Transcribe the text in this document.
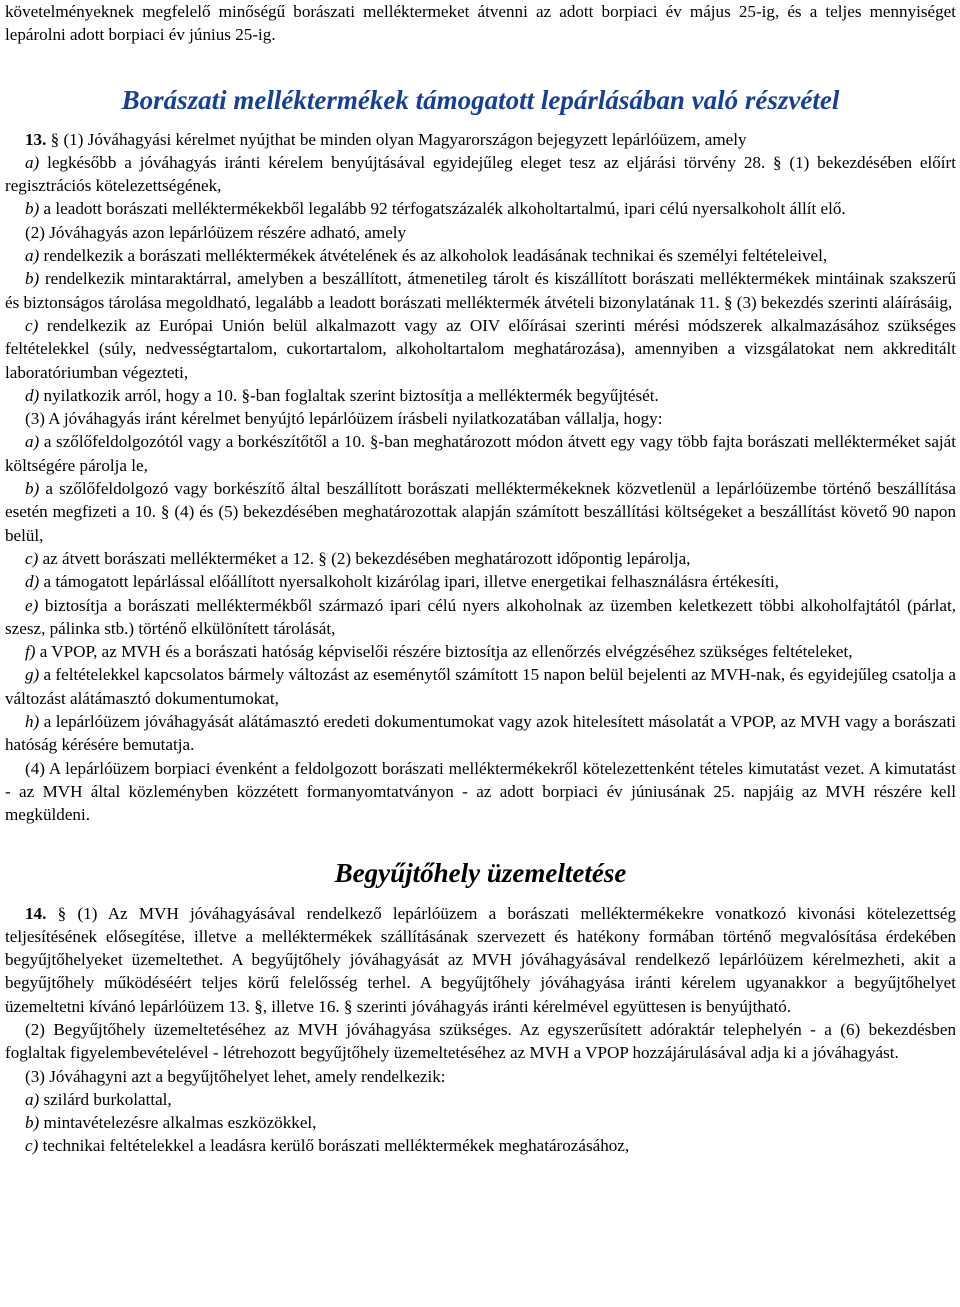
követelményeknek megfelelő minőségű borászati melléktermeket átvenni az adott borpiaci év május 25-ig, és a teljes mennyiséget lepárolni adott borpiaci év június 25-ig.

Borászati melléktermékek támogatott lepárlásában való részvétel

13. § (1) Jóváhagyási kérelmet nyújthat be minden olyan Magyarországon bejegyzett lepárlóüzem, amely

a) legkésőbb a jóváhagyás iránti kérelem benyújtásával egyidejűleg eleget tesz az eljárási törvény 28. § (1) bekezdésében előírt regisztrációs kötelezettségének,

b) a leadott borászati melléktermékekből legalább 92 térfogatszázalék alkoholtartalmú, ipari célú nyersalkoholt állít elő.

(2) Jóváhagyás azon lepárlóüzem részére adható, amely

a) rendelkezik a borászati melléktermékek átvételének és az alkoholok leadásának technikai és személyi feltételeivel,

b) rendelkezik mintaraktárral, amelyben a beszállított, átmenetileg tárolt és kiszállított borászati melléktermékek mintáinak szakszerű és biztonságos tárolása megoldható, legalább a leadott borászati melléktermék átvételi bizonylatának 11. § (3) bekezdés szerinti aláírásáig,

c) rendelkezik az Európai Unión belül alkalmazott vagy az OIV előírásai szerinti mérési módszerek alkalmazásához szükséges feltételekkel (súly, nedvességtartalom, cukortartalom, alkoholtartalom meghatározása), amennyiben a vizsgálatokat nem akkreditált laboratóriumban végezteti,

d) nyilatkozik arról, hogy a 10. §-ban foglaltak szerint biztosítja a melléktermék begyűjtését.

(3) A jóváhagyás iránt kérelmet benyújtó lepárlóüzem írásbeli nyilatkozatában vállalja, hogy:

a) a szőlőfeldolgozótól vagy a borkészítőtől a 10. §-ban meghatározott módon átvett egy vagy több fajta borászati mellékterméket saját költségére párolja le,

b) a szőlőfeldolgozó vagy borkészítő által beszállított borászati melléktermékeknek közvetlenül a lepárlóüzembe történő beszállítása esetén megfizeti a 10. § (4) és (5) bekezdésében meghatározottak alapján számított beszállítási költségeket a beszállítást követő 90 napon belül,

c) az átvett borászati mellékterméket a 12. § (2) bekezdésében meghatározott időpontig lepárolja,

d) a támogatott lepárlással előállított nyersalkoholt kizárólag ipari, illetve energetikai felhasználásra értékesíti,

e) biztosítja a borászati melléktermékből származó ipari célú nyers alkoholnak az üzemben keletkezett többi alkoholfajtától (párlat, szesz, pálinka stb.) történő elkülönített tárolását,

f) a VPOP, az MVH és a borászati hatóság képviselői részére biztosítja az ellenőrzés elvégzéséhez szükséges feltételeket,

g) a feltételekkel kapcsolatos bármely változást az eseménytől számított 15 napon belül bejelenti az MVH-nak, és egyidejűleg csatolja a változást alátámasztó dokumentumokat,

h) a lepárlóüzem jóváhagyását alátámasztó eredeti dokumentumokat vagy azok hitelesített másolatát a VPOP, az MVH vagy a borászati hatóság kérésére bemutatja.

(4) A lepárlóüzem borpiaci évenként a feldolgozott borászati melléktermékekről kötelezettenként tételes kimutatást vezet. A kimutatást - az MVH által közleményben közzétett formanyomtatványon - az adott borpiaci év júniusának 25. napjáig az MVH részére kell megküldeni.

Begyűjtőhely üzemeltetése

14. § (1) Az MVH jóváhagyásával rendelkező lepárlóüzem a borászati melléktermékekre vonatkozó kivonási kötelezettség teljesítésének elősegítése, illetve a melléktermékek szállításának szervezett és hatékony formában történő megvalósítása érdekében begyűjtőhelyeket üzemeltethet. A begyűjtőhely jóváhagyását az MVH jóváhagyásával rendelkező lepárlóüzem kérelmezheti, akit a begyűjtőhely működéséért teljes körű felelősség terhel. A begyűjtőhely jóváhagyása iránti kérelem ugyanakkor a begyűjtőhelyet üzemeltetni kívánó lepárlóüzem 13. §, illetve 16. § szerinti jóváhagyás iránti kérelmével együttesen is benyújtható.

(2) Begyűjtőhely üzemeltetéséhez az MVH jóváhagyása szükséges. Az egyszerűsített adóraktár telephelyén - a (6) bekezdésben foglaltak figyelembevételével - létrehozott begyűjtőhely üzemeltetéséhez az MVH a VPOP hozzájárulásával adja ki a jóváhagyást.

(3) Jóváhagyni azt a begyűjtőhelyet lehet, amely rendelkezik:

a) szilárd burkolattal,

b) mintavételezésre alkalmas eszközökkel,

c) technikai feltételekkel a leadásra kerülő borászati melléktermékek meghatározásához,
